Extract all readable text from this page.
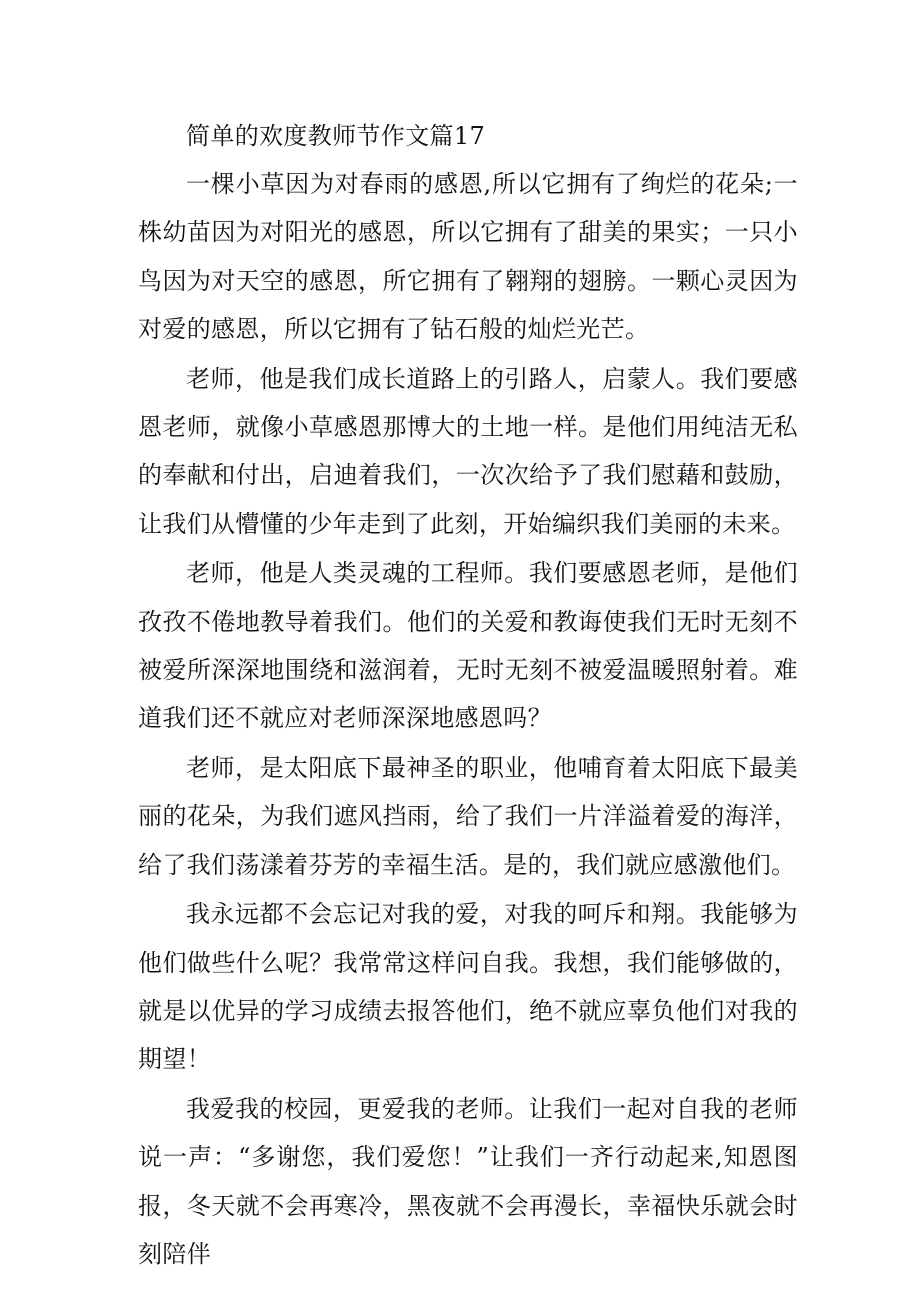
简单的欢度教师节作文篇17

一棵小草因为对春雨的感恩,所以它拥有了绚烂的花朵;一株幼苗因为对阳光的感恩，所以它拥有了甜美的果实；一只小鸟因为对天空的感恩，所它拥有了翱翔的翅膀。一颗心灵因为对爱的感恩，所以它拥有了钻石般的灿烂光芒。

老师，他是我们成长道路上的引路人，启蒙人。我们要感恩老师，就像小草感恩那博大的土地一样。是他们用纯洁无私的奉献和付出，启迪着我们，一次次给予了我们慰藉和鼓励，让我们从懵懂的少年走到了此刻，开始编织我们美丽的未来。

老师，他是人类灵魂的工程师。我们要感恩老师，是他们孜孜不倦地教导着我们。他们的关爱和教诲使我们无时无刻不被爱所深深地围绕和滋润着，无时无刻不被爱温暖照射着。难道我们还不就应对老师深深地感恩吗？

老师，是太阳底下最神圣的职业，他哺育着太阳底下最美丽的花朵，为我们遮风挡雨，给了我们一片洋溢着爱的海洋，给了我们荡漾着芬芳的幸福生活。是的，我们就应感激他们。

我永远都不会忘记对我的爱，对我的呵斥和翔。我能够为他们做些什么呢？我常常这样问自我。我想，我们能够做的，就是以优异的学习成绩去报答他们，绝不就应辜负他们对我的期望！

我爱我的校园，更爱我的老师。让我们一起对自我的老师说一声：“多谢您，我们爱您！”让我们一齐行动起来,知恩图报，冬天就不会再寒冷，黑夜就不会再漫长，幸福快乐就会时刻陪伴
